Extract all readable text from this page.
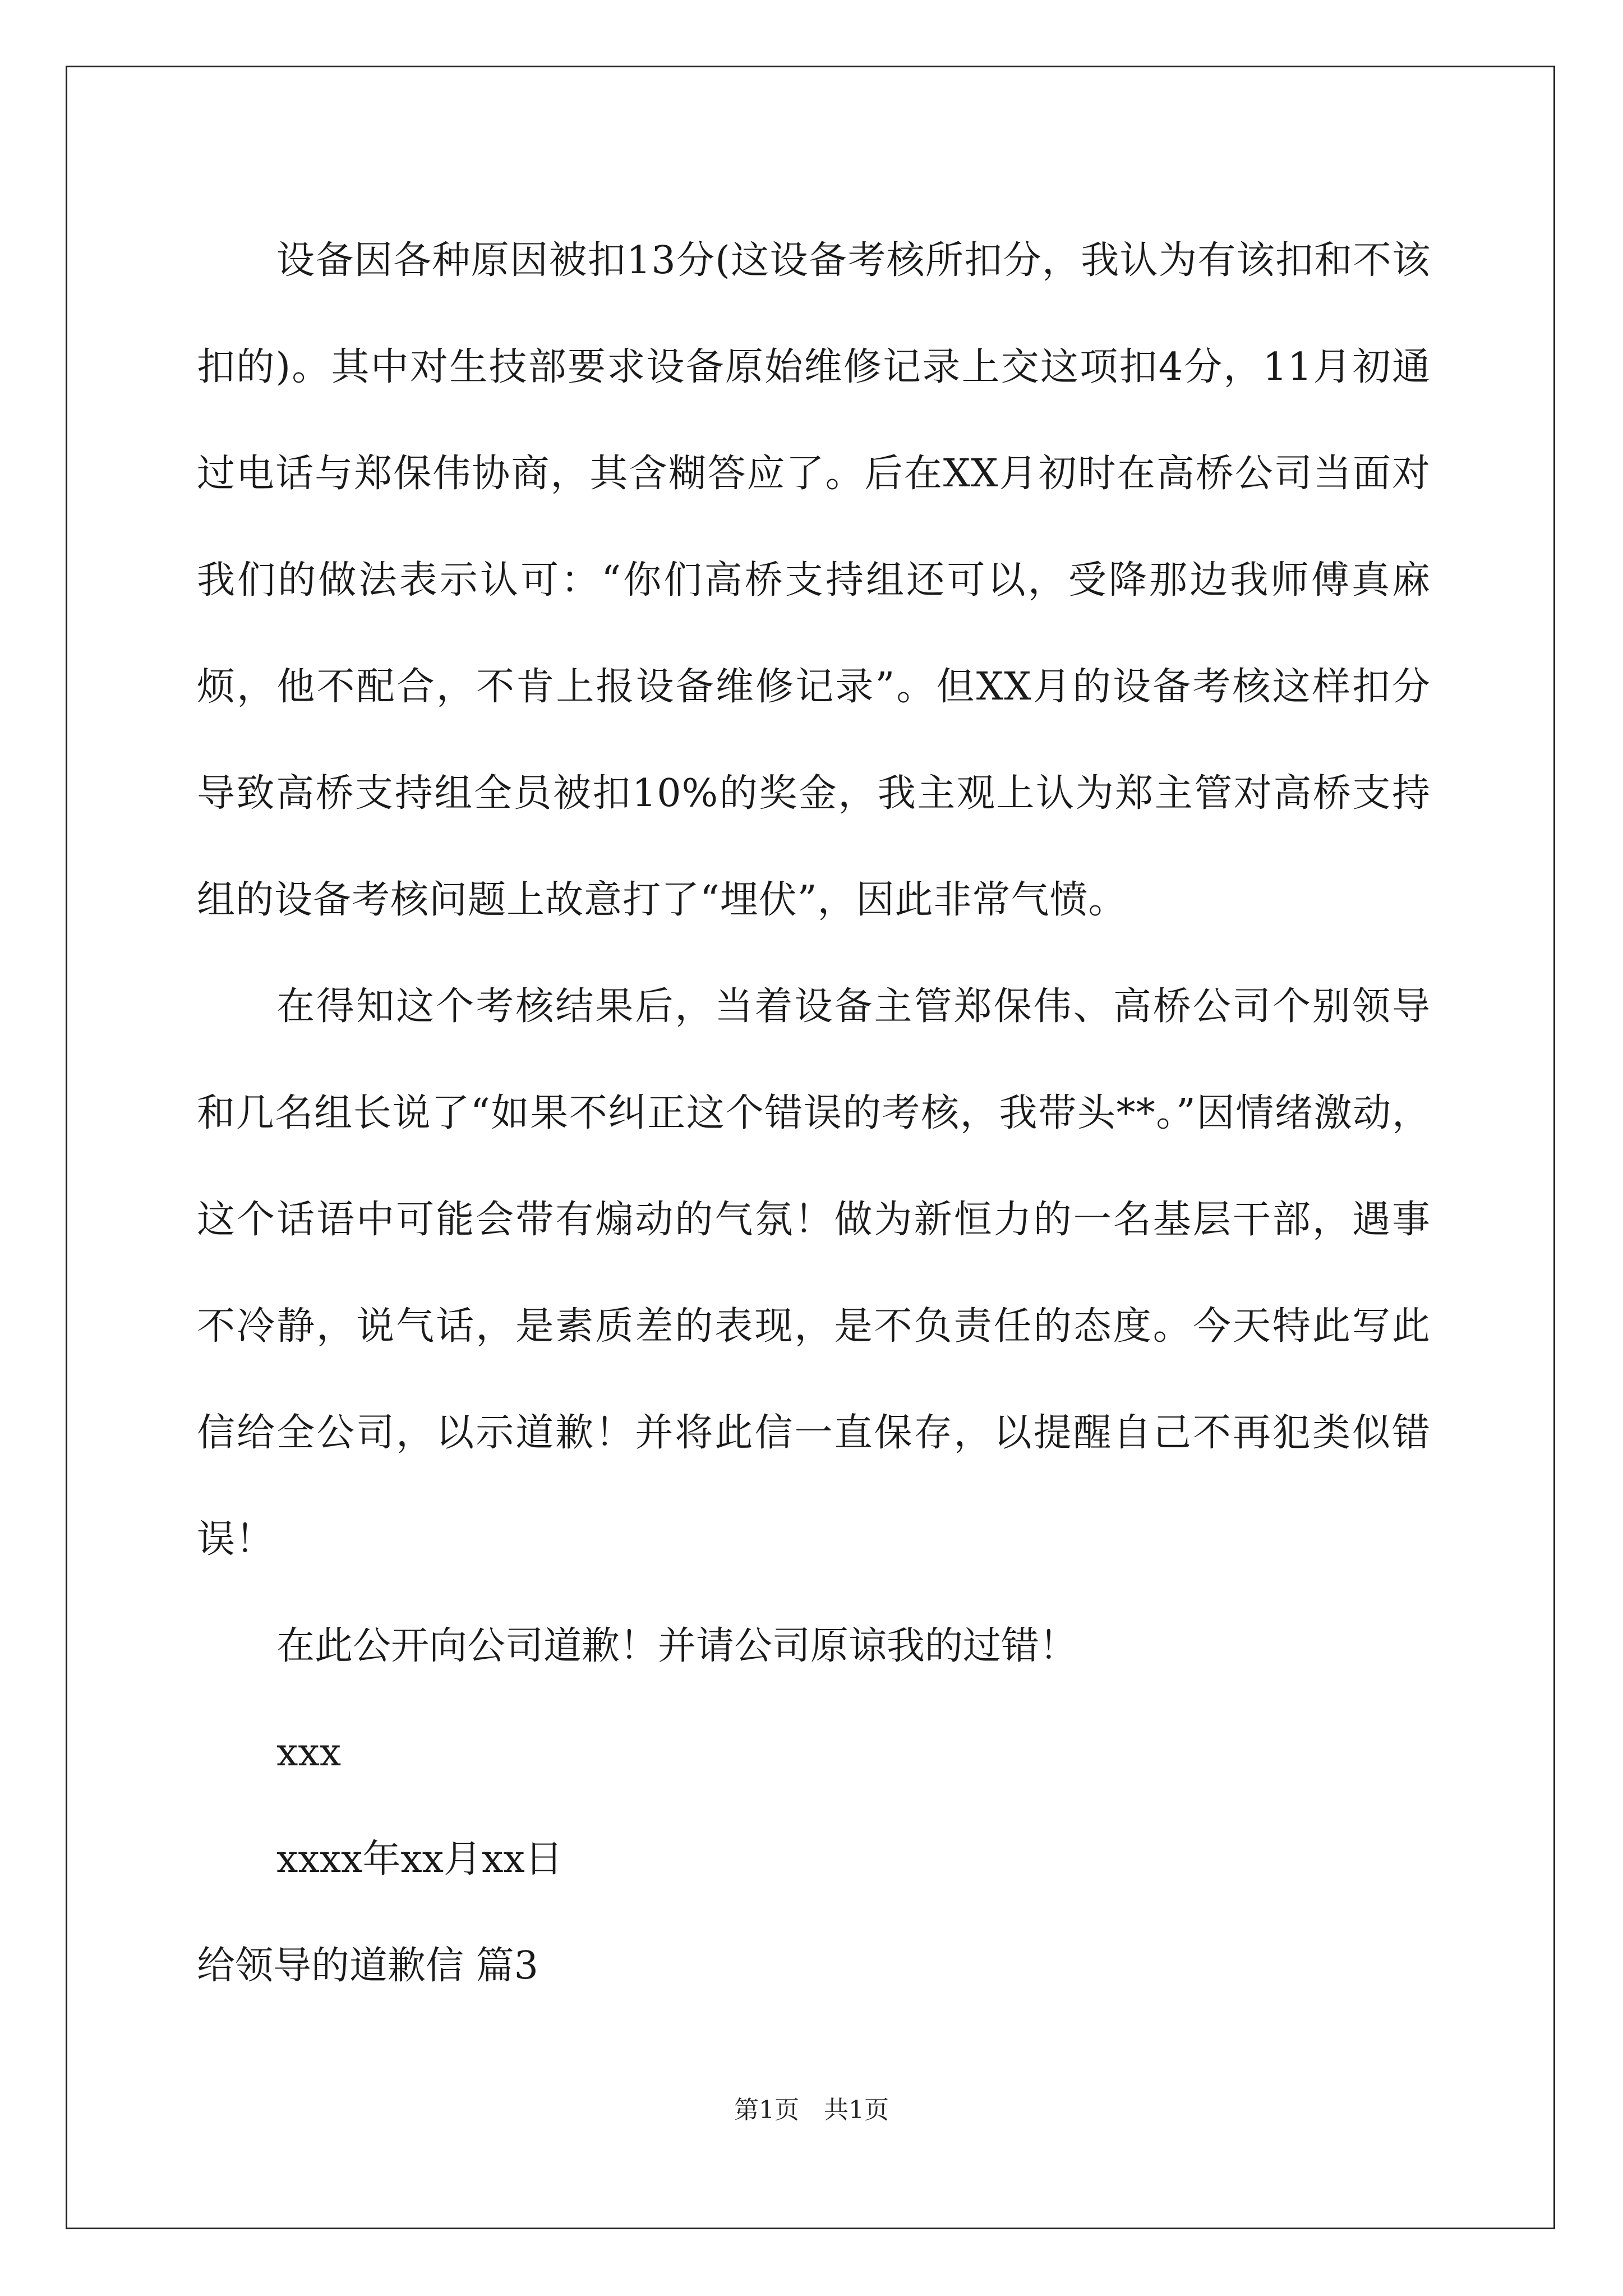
设备因各种原因被扣13分(这设备考核所扣分，我认为有该扣和不该扣的)。其中对生技部要求设备原始维修记录上交这项扣4分，11月初通过电话与郑保伟协商，其含糊答应了。后在XX月初时在高桥公司当面对我们的做法表示认可：“你们高桥支持组还可以，受降那边我师傅真麻烦，他不配合，不肯上报设备维修记录”。但XX月的设备考核这样扣分导致高桥支持组全员被扣10%的奖金，我主观上认为郑主管对高桥支持组的设备考核问题上故意打了“埋伏”，因此非常气愤。

在得知这个考核结果后，当着设备主管郑保伟、高桥公司个别领导和几名组长说了“如果不纠正这个错误的考核，我带头**。”因情绪激动，这个话语中可能会带有煽动的气氛！做为新恒力的一名基层干部，遇事不冷静，说气话，是素质差的表现，是不负责任的态度。今天特此写此信给全公司，以示道歉！并将此信一直保存，以提醒自己不再犯类似错误！

在此公开向公司道歉！并请公司原谅我的过错！

xxx

xxxx年xx月xx日

给领导的道歉信 篇3

第1页　共1页
